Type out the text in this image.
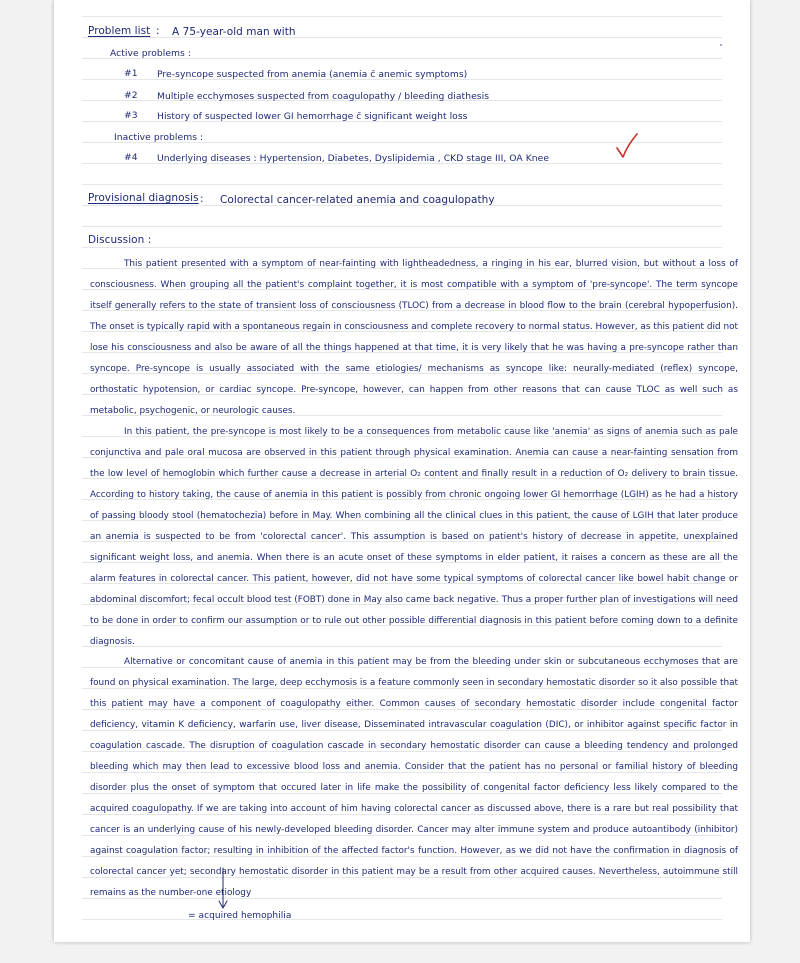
Problem list : A 75-year-old man with
Active problems :
#1 Pre-syncope suspected from anemia (anemia c̄ anemic symptoms)
#2 Multiple ecchymoses suspected from coagulopathy / bleeding diathesis
#3 History of suspected lower GI hemorrhage c̄ significant weight loss
Inactive problems :
#4 Underlying diseases : Hypertension, Diabetes, Dyslipidemia , CKD stage III, OA Knee
Provisional diagnosis : Colorectal cancer-related anemia and coagulopathy
Discussion :

This patient presented with a symptom of near-fainting with lightheadedness, a ringing in his ear, blurred vision, but without a loss of consciousness. When grouping all the patient's complaint together, it is most compatible with a symptom of 'pre-syncope'. The term syncope itself generally refers to the state of transient loss of consciousness (TLOC) from a decrease in blood flow to the brain (cerebral hypoperfusion). The onset is typically rapid with a spontaneous regain in consciousness and complete recovery to normal status. However, as this patient did not lose his consciousness and also be aware of all the things happened at that time, it is very likely that he was having a pre-syncope rather than syncope. Pre-syncope is usually associated with the same etiologies/ mechanisms as syncope like: neurally-mediated (reflex) syncope, orthostatic hypotension, or cardiac syncope. Pre-syncope, however, can happen from other reasons that can cause TLOC as well such as metabolic, psychogenic, or neurologic causes.

In this patient, the pre-syncope is most likely to be a consequences from metabolic cause like 'anemia' as signs of anemia such as pale conjunctiva and pale oral mucosa are observed in this patient through physical examination. Anemia can cause a near-fainting sensation from the low level of hemoglobin which further cause a decrease in arterial O₂ content and finally result in a reduction of O₂ delivery to brain tissue. According to history taking, the cause of anemia in this patient is possibly from chronic ongoing lower GI hemorrhage (LGIH) as he had a history of passing bloody stool (hematochezia) before in May. When combining all the clinical clues in this patient, the cause of LGIH that later produce an anemia is suspected to be from 'colorectal cancer'. This assumption is based on patient's history of decrease in appetite, unexplained significant weight loss, and anemia. When there is an acute onset of these symptoms in elder patient, it raises a concern as these are all the alarm features in colorectal cancer. This patient, however, did not have some typical symptoms of colorectal cancer like bowel habit change or abdominal discomfort; fecal occult blood test (FOBT) done in May also came back negative. Thus a proper further plan of investigations will need to be done in order to confirm our assumption or to rule out other possible differential diagnosis in this patient before coming down to a definite diagnosis.

Alternative or concomitant cause of anemia in this patient may be from the bleeding under skin or subcutaneous ecchymoses that are found on physical examination. The large, deep ecchymosis is a feature commonly seen in secondary hemostatic disorder so it also possible that this patient may have a component of coagulopathy either. Common causes of secondary hemostatic disorder include congenital factor deficiency, vitamin K deficiency, warfarin use, liver disease, Disseminated intravascular coagulation (DIC), or inhibitor against specific factor in coagulation cascade. The disruption of coagulation cascade in secondary hemostatic disorder can cause a bleeding tendency and prolonged bleeding which may then lead to excessive blood loss and anemia. Consider that the patient has no personal or familial history of bleeding disorder plus the onset of symptom that occured later in life make the possibility of congenital factor deficiency less likely compared to the acquired coagulopathy. If we are taking into account of him having colorectal cancer as discussed above, there is a rare but real possibility that cancer is an underlying cause of his newly-developed bleeding disorder. Cancer may alter immune system and produce autoantibody (inhibitor) against coagulation factor; resulting in inhibition of the affected factor's function. However, as we did not have the confirmation in diagnosis of colorectal cancer yet; secondary hemostatic disorder in this patient may be a result from other acquired causes. Nevertheless, autoimmune still remains as the number-one etiology

= acquired hemophilia
